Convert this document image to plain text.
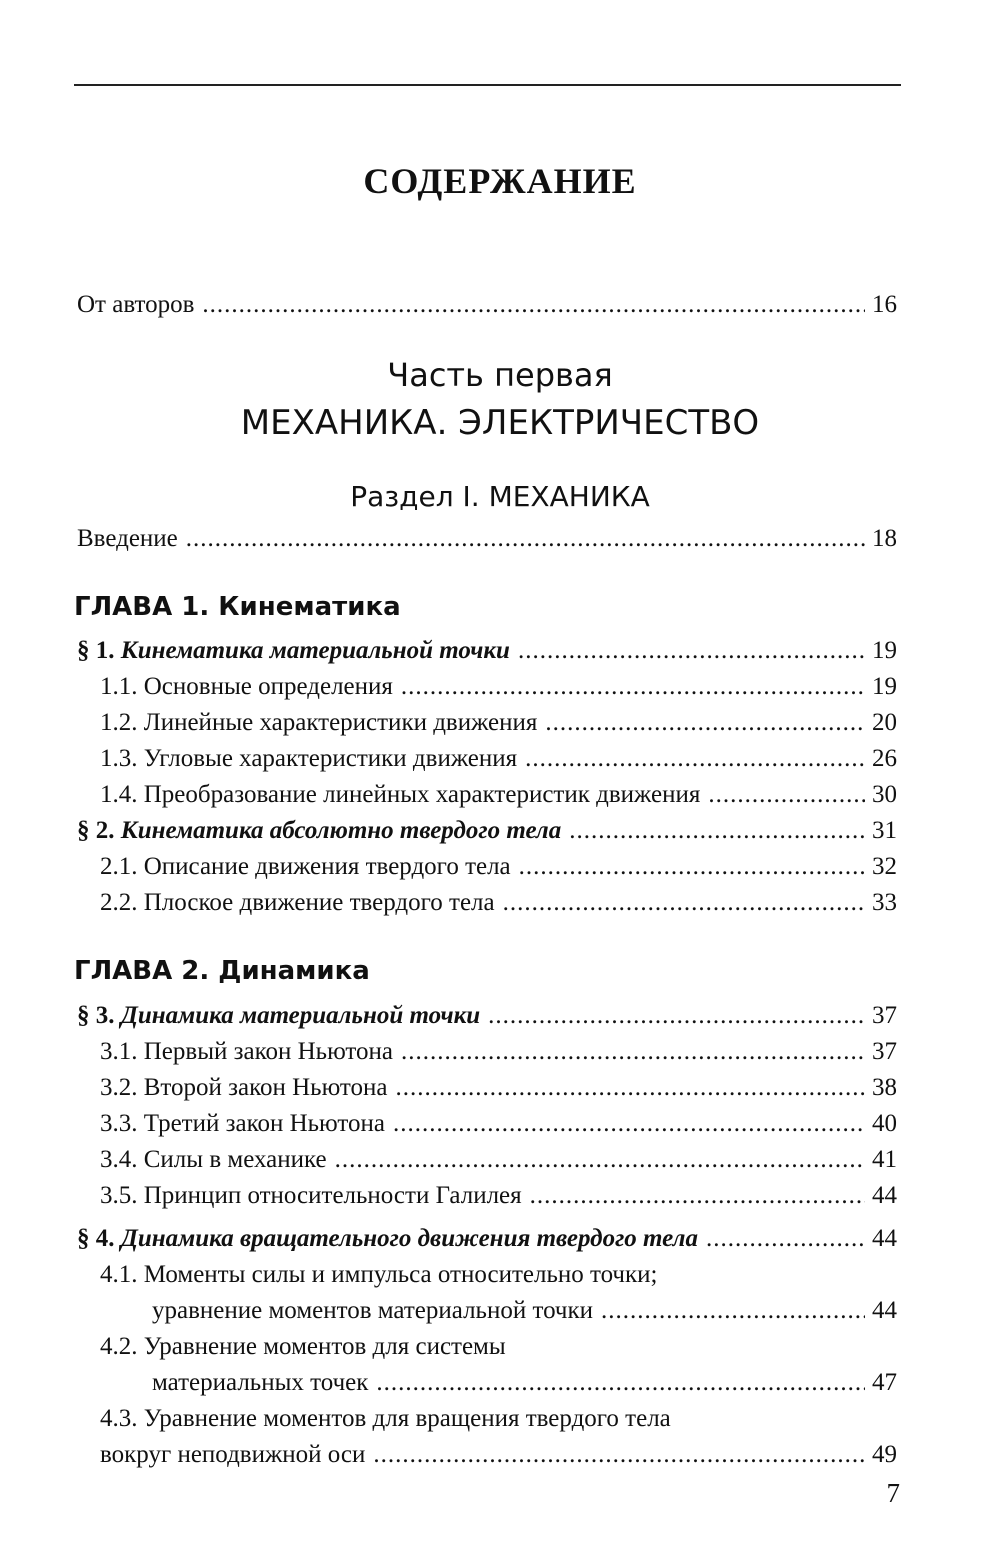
СОДЕРЖАНИЕ
От авторов .....	16
Часть первая
МЕХАНИКА. ЭЛЕКТРИЧЕСТВО
Раздел I. МЕХАНИКА
Введение .....	18
ГЛАВА 1. Кинематика
§ 1. Кинематика материальной точки .....	19
1.1. Основные определения .....	19
1.2. Линейные характеристики движения .....	20
1.3. Угловые характеристики движения .....	26
1.4. Преобразование линейных характеристик движения .....	30
§ 2. Кинематика абсолютно твердого тела .....	31
2.1. Описание движения твердого тела .....	32
2.2. Плоское движение твердого тела .....	33
ГЛАВА 2. Динамика
§ 3. Динамика материальной точки .....	37
3.1. Первый закон Ньютона .....	37
3.2. Второй закон Ньютона .....	38
3.3. Третий закон Ньютона .....	40
3.4. Силы в механике .....	41
3.5. Принцип относительности Галилея .....	44
§ 4. Динамика вращательного движения твердого тела .....	44
4.1. Моменты силы и импульса относительно точки;
уравнение моментов материальной точки .....	44
4.2. Уравнение моментов для системы
материальных точек .....	47
4.3. Уравнение моментов для вращения твердого тела
вокруг неподвижной оси .....	49
7
